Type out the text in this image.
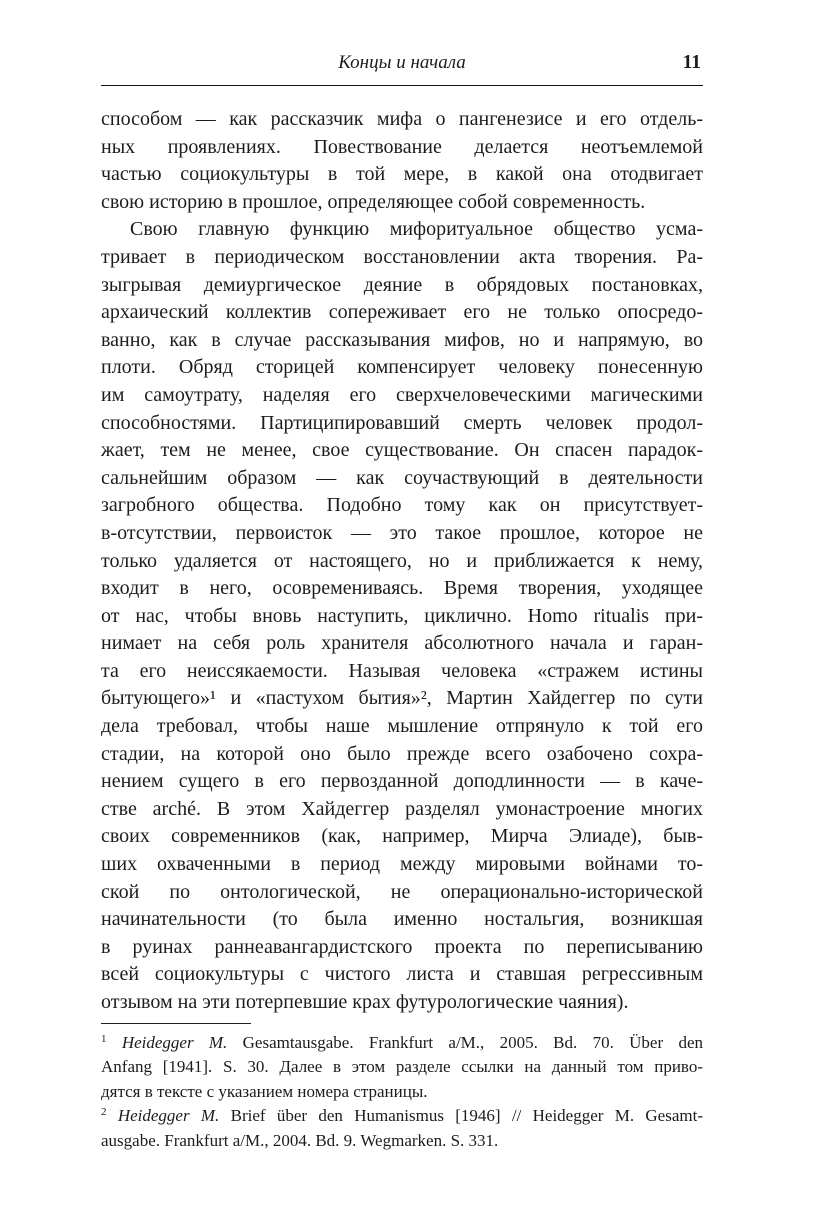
Концы и начала	11
способом — как рассказчик мифа о пангенезисе и его отдель-
ных проявлениях. Повествование делается неотъемлемой
частью социокультуры в той мере, в какой она отодвигает
свою историю в прошлое, определяющее собой современность.
Свою главную функцию мифоритуальное общество усма-
тривает в периодическом восстановлении акта творения. Ра-
зыгрывая демиургическое деяние в обрядовых постановках,
архаический коллектив сопереживает его не только опосредо-
ванно, как в случае рассказывания мифов, но и напрямую, во
плоти. Обряд сторицей компенсирует человеку понесенную
им самоутрату, наделяя его сверхчеловеческими магическими
способностями. Партиципировавший смерть человек продол-
жает, тем не менее, свое существование. Он спасен парадок-
сальнейшим образом — как соучаствующий в деятельности
загробного общества. Подобно тому как он присутствует-
в-отсутствии, первоисток — это такое прошлое, которое не
только удаляется от настоящего, но и приближается к нему,
входит в него, осовремениваясь. Время творения, уходящее
от нас, чтобы вновь наступить, циклично. Homo ritualis при-
нимает на себя роль хранителя абсолютного начала и гаран-
та его неиссякаемости. Называя человека «стражем истины
бытующего»¹ и «пастухом бытия»², Мартин Хайдеггер по сути
дела требовал, чтобы наше мышление отпрянуло к той его
стадии, на которой оно было прежде всего озабочено сохра-
нением сущего в его первозданной доподлинности — в каче-
стве arché. В этом Хайдеггер разделял умонастроение многих
своих современников (как, например, Мирча Элиаде), быв-
ших охваченными в период между мировыми войнами то-
ской по онтологической, не операционально-исторической
начинательности (то была именно ностальгия, возникшая
в руинах раннеавангардистского проекта по переписыванию
всей социокультуры с чистого листа и ставшая регрессивным
отзывом на эти потерпевшие крах футурологические чаяния).
$^1$ Heidegger M. Gesamtausgabe. Frankfurt a/M., 2005. Bd. 70. Über den
Anfang [1941]. S. 30. Далее в этом разделе ссылки на данный том приво-
дятся в тексте с указанием номера страницы.
$^2$ Heidegger M. Brief über den Humanismus [1946] // Heidegger M. Gesamt-
ausgabe. Frankfurt a/M., 2004. Bd. 9. Wegmarken. S. 331.
